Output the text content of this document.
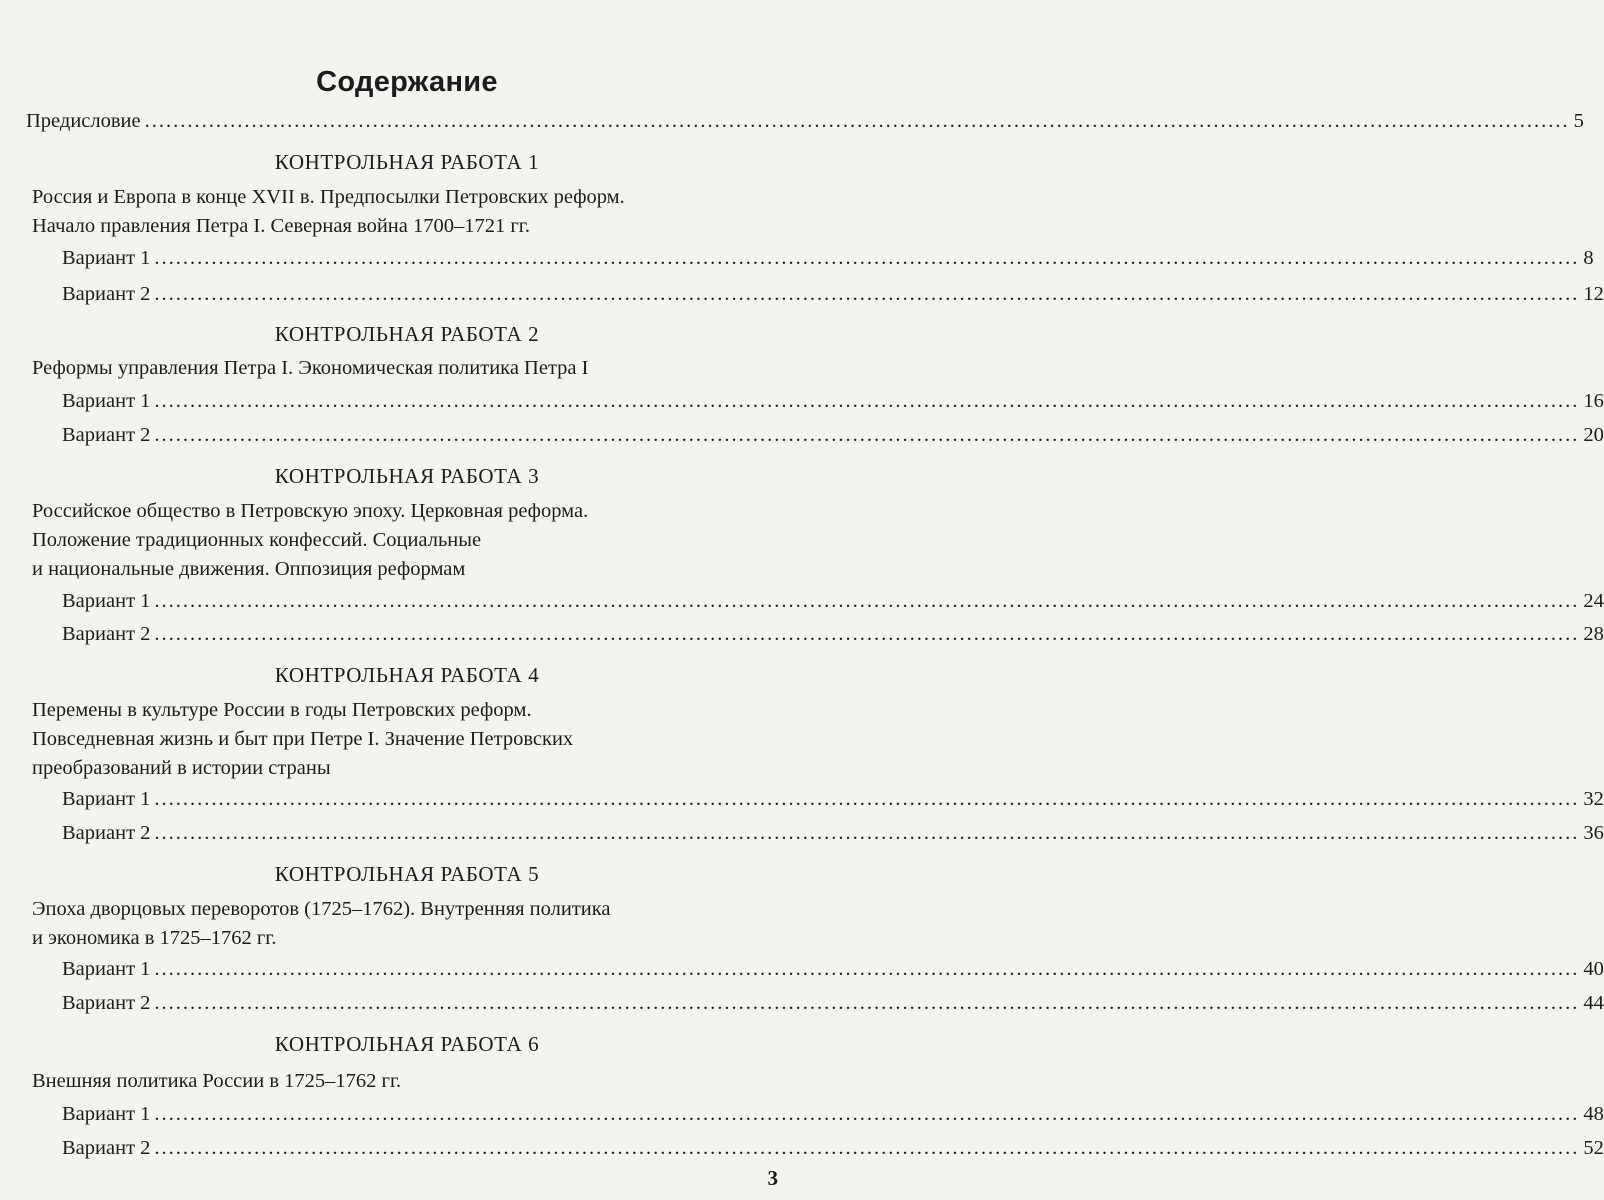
Содержание
Предисловие ........................................................................................................................................................................................................ 5
КОНТРОЛЬНАЯ РАБОТА 1
Россия и Европа в конце XVII в. Предпосылки Петровских реформ.
Начало правления Петра I. Северная война 1700–1721 гг.
Вариант 1 ........................................................................................................................................................................................................ 8
Вариант 2 ........................................................................................................................................................................................................ 12
КОНТРОЛЬНАЯ РАБОТА 2
Реформы управления Петра I. Экономическая политика Петра I
Вариант 1 ........................................................................................................................................................................................................ 16
Вариант 2 ........................................................................................................................................................................................................ 20
КОНТРОЛЬНАЯ РАБОТА 3
Российское общество в Петровскую эпоху. Церковная реформа.
Положение традиционных конфессий. Социальные
и национальные движения. Оппозиция реформам
Вариант 1 ........................................................................................................................................................................................................ 24
Вариант 2 ........................................................................................................................................................................................................ 28
КОНТРОЛЬНАЯ РАБОТА 4
Перемены в культуре России в годы Петровских реформ.
Повседневная жизнь и быт при Петре I. Значение Петровских
преобразований в истории страны
Вариант 1 ........................................................................................................................................................................................................ 32
Вариант 2 ........................................................................................................................................................................................................ 36
КОНТРОЛЬНАЯ РАБОТА 5
Эпоха дворцовых переворотов (1725–1762). Внутренняя политика
и экономика в 1725–1762 гг.
Вариант 1 ........................................................................................................................................................................................................ 40
Вариант 2 ........................................................................................................................................................................................................ 44
КОНТРОЛЬНАЯ РАБОТА 6
Внешняя политика России в 1725–1762 гг.
Вариант 1 ........................................................................................................................................................................................................ 48
Вариант 2 ........................................................................................................................................................................................................ 52
3
